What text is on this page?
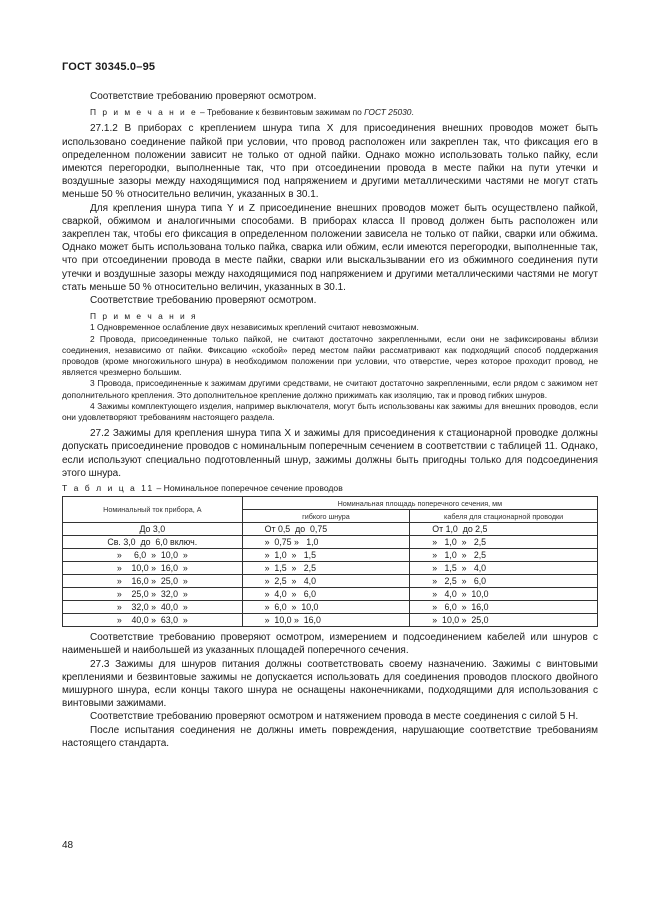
ГОСТ 30345.0–95

Соответствие требованию проверяют осмотром.

П р и м е ч а н и е – Требование к безвинтовым зажимам по ГОСТ 25030.

27.1.2 В приборах с креплением шнура типа X для присоединения внешних проводов может быть использовано соединение пайкой при условии, что провод расположен или закреплен так, что фиксация его в определенном положении зависит не только от одной пайки. Однако можно использовать только пайку, если имеются перегородки, выполненные так, что при отсоединении провода в месте пайки на пути утечки и воздушные зазоры между находящимися под напряжением и другими металлическими частями не могут стать меньше 50 % относительно величин, указанных в 30.1.

Для крепления шнура типа Y и Z присоединение внешних проводов может быть осуществлено пайкой, сваркой, обжимом и аналогичными способами. В приборах класса II провод должен быть расположен или закреплен так, чтобы его фиксация в определенном положении зависела не только от пайки, сварки или обжима. Однако может быть использована только пайка, сварка или обжим, если имеются перегородки, выполненные так, что при отсоединении провода в месте пайки, сварки или выскальзывании его из обжимного соединения пути утечки и воздушные зазоры между находящимися под напряжением и другими металлическими частями не могут стать меньше 50 % относительно величин, указанных в 30.1.

Соответствие требованию проверяют осмотром.

П р и м е ч а н и я

1 Одновременное ослабление двух независимых креплений считают невозможным.

2 Провода, присоединенные только пайкой, не считают достаточно закрепленными, если они не зафиксированы вблизи соединения, независимо от пайки. Фиксацию «скобой» перед местом пайки рассматривают как подходящий способ поддержания проводов (кроме многожильного шнура) в необходимом положении при условии, что отверстие, через которое проходит провод, не является чрезмерно большим.

3 Провода, присоединенные к зажимам другими средствами, не считают достаточно закрепленными, если рядом с зажимом нет дополнительного крепления. Это дополнительное крепление должно прижимать как изоляцию, так и провод гибких шнуров.

4 Зажимы комплектующего изделия, например выключателя, могут быть использованы как зажимы для внешних проводов, если они удовлетворяют требованиям настоящего раздела.

27.2 Зажимы для крепления шнура типа X и зажимы для присоединения к стационарной проводке должны допускать присоединение проводов с номинальным поперечным сечением в соответствии с таблицей 11. Однако, если используют специально подготовленный шнур, зажимы должны быть пригодны только для подсоединения этого шнура.

Т а б л и ц а 11 – Номинальное поперечное сечение проводов

Номинальный ток прибора, А	Номинальная площадь поперечного сечения, мм	
	гибкого шнура	кабеля для стационарной проводки
До 3,0	От 0,5  до  0,75	От 1,0  до 2,5
Св. 3,0  до  6,0 включ.	»  0,75 »   1,0	»   1,0  »   2,5
»     6,0  »  10,0  »	»  1,0  »   1,5	»   1,0  »   2,5
»    10,0 »  16,0  »	»  1,5  »   2,5	»   1,5  »   4,0
»    16,0 »  25,0  »	»  2,5  »   4,0	»   2,5  »   6,0
»    25,0 »  32,0  »	»  4,0  »   6,0	»   4,0  »  10,0
»    32,0 »  40,0  »	»  6,0  »  10,0	»   6,0  »  16,0
»    40,0 »  63,0  »	»  10,0 »  16,0	»  10,0 »  25,0

Соответствие требованию проверяют осмотром, измерением и подсоединением кабелей или шнуров с наименьшей и наибольшей из указанных площадей поперечного сечения.

27.3 Зажимы для шнуров питания должны соответствовать своему назначению. Зажимы с винтовыми креплениями и безвинтовые зажимы не допускается использовать для соединения проводов плоского двойного мишурного шнура, если концы такого шнура не оснащены наконечниками, подходящими для использования с винтовыми зажимами.

Соответствие требованию проверяют осмотром и натяжением провода в месте соединения с силой 5 Н.

После испытания соединения не должны иметь повреждения, нарушающие соответствие требованиям настоящего стандарта.

48
